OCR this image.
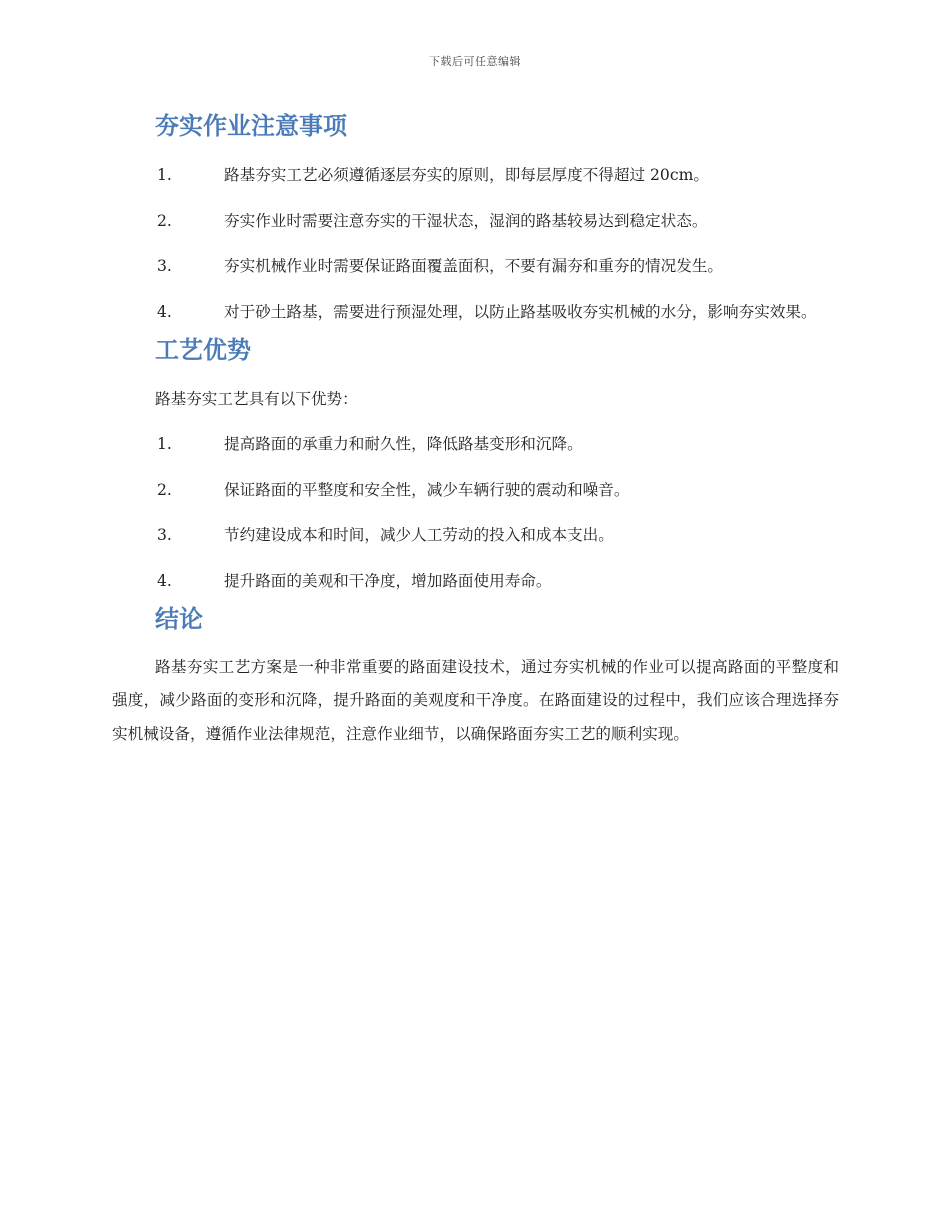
下载后可任意编辑
夯实作业注意事项

1.	路基夯实工艺必须遵循逐层夯实的原则，即每层厚度不得超过 20cm。

2.	夯实作业时需要注意夯实的干湿状态，湿润的路基较易达到稳定状态。

3.	夯实机械作业时需要保证路面覆盖面积，不要有漏夯和重夯的情况发生。

4.	对于砂土路基，需要进行预湿处理，以防止路基吸收夯实机械的水分，影响夯实效果。

工艺优势

路基夯实工艺具有以下优势：

1.	提高路面的承重力和耐久性，降低路基变形和沉降。

2.	保证路面的平整度和安全性，减少车辆行驶的震动和噪音。

3.	节约建设成本和时间，减少人工劳动的投入和成本支出。

4.	提升路面的美观和干净度，增加路面使用寿命。

结论

路基夯实工艺方案是一种非常重要的路面建设技术，通过夯实机械的作业可以提高路面的平整度和强度，减少路面的变形和沉降，提升路面的美观度和干净度。在路面建设的过程中，我们应该合理选择夯实机械设备，遵循作业法律规范，注意作业细节，以确保路面夯实工艺的顺利实现。
